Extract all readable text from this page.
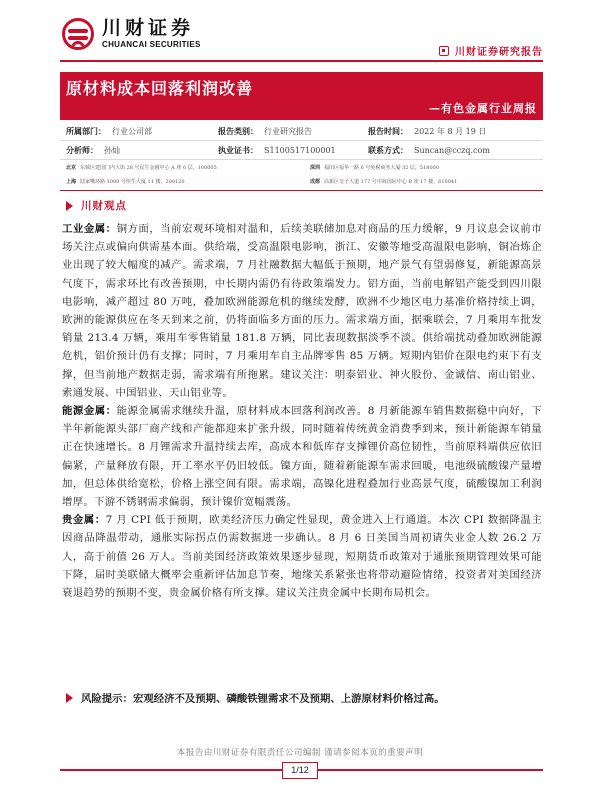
川财证券
CHUANCAI SECURITIES
川财证券研究报告
原材料成本回落利润改善
—有色金属行业周报
所属部门： 行业公司部	报告类别： 行业研究报告	报告时间： 2022 年 8 月 19 日
分析师： 孙灿	执业证书： S1100517100001	联系方式： Suncan@cczq.com
北京 东城区建国门内大街 28 号民生金融中心 A 座 6 层，100005	深圳 福田区福华一路 6 号免税商务大厦 32 层，518000
上海 陆家嘴环路 1000 号恒生大厦 11 楼，200120	成都 高新区交子大道 177 号中海国际中心 B 座 17 楼，610041
川财观点

工业金属：铜方面，当前宏观环境相对温和，后续美联储加息对商品的压力缓解，9 月议息会议前市场关注点或偏向供需基本面。供给端，受高温限电影响，浙江、安徽等地受高温限电影响，铜冶炼企业出现了较大幅度的减产。需求端，7 月社融数据大幅低于预期，地产景气有望弱修复，新能源高景气度下，需求环比有改善预期，中长期内需仍有待政策端发力。铝方面，当前电解铝产能受到四川限电影响，减产超过 80 万吨，叠加欧洲能源危机的继续发酵，欧洲不少地区电力基准价格持续上调，欧洲的能源供应在冬天到来之前，仍将面临多方面的压力。需求端方面，据乘联会，7 月乘用车批发销量 213.4 万辆，乘用车零售销量 181.8 万辆，同比表现数据淡季不淡。供给端扰动叠加欧洲能源危机，铝价预计仍有支撑；同时，7 月乘用车自主品牌零售 85 万辆。短期内铝价在限电约束下有支撑，但当前地产数据走弱，需求端有所拖累。建议关注：明泰铝业、神火股份、金诚信、南山铝业、索通发展、中国铝业、天山铝业等。

能源金属：能源金属需求继续升温，原材料成本回落利润改善。8 月新能源车销售数据稳中向好，下半年新能源头部厂商产线和产能都迎来扩张升级，同时随着传统黄金消费季到来，预计新能源车销量正在快速增长。8 月锂需求升温持续去库，高成本和低库存支撑锂价高位韧性，当前原料端供应依旧偏紧，产量释放有限，开工率水平仍旧较低。镍方面，随着新能源车需求回暖，电池级硫酸镍产量增加，但总体供给宽松，价格上涨空间有限。需求端，高镍化进程叠加行业高景气度，硫酸镍加工利润增厚。下游不锈钢需求偏弱，预计镍价宽幅震荡。

贵金属：7 月 CPI 低于预期，欧美经济压力确定性显现，黄金进入上行通道。本次 CPI 数据降温主因商品降温带动，通胀实际拐点仍需数据进一步确认。8 月 6 日美国当周初请失业金人数 26.2 万人，高于前值 26 万人。当前美国经济政策效果逐步显现，短期货币政策对于通胀预期管理效果可能下降，届时美联储大概率会重新评估加息节奏，地缘关系紧张也将带动避险情绪，投资者对美国经济衰退趋势的预期不变，贵金属价格有所支撑。建议关注贵金属中长期布局机会。

风险提示： 宏观经济不及预期、磷酸铁锂需求不及预期、上游原材料价格过高。
本报告由川财证券有限责任公司编制 谨请参阅本页的重要声明
1/12
